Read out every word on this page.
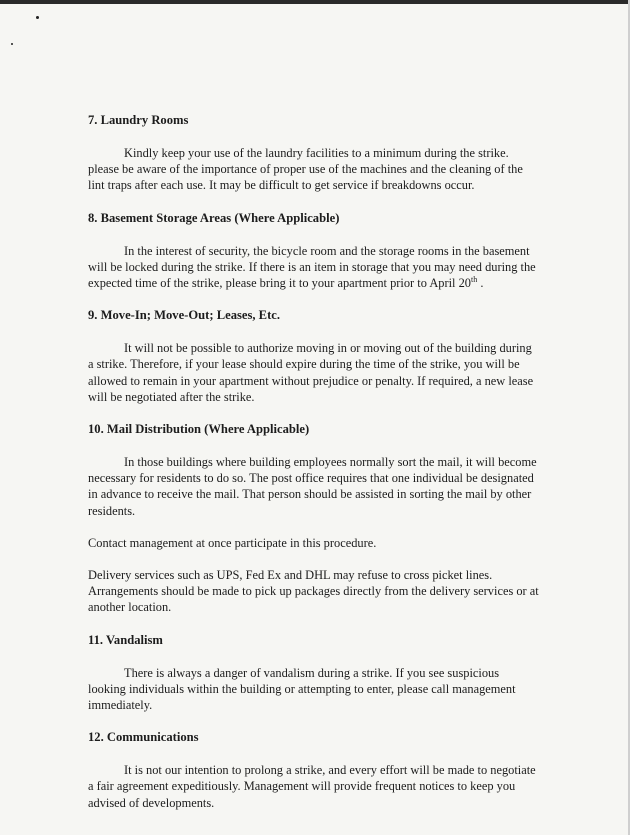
7. Laundry Rooms

Kindly keep your use of the laundry facilities to a minimum during the strike. please be aware of the importance of proper use of the machines and the cleaning of the lint traps after each use. It may be difficult to get service if breakdowns occur.

8. Basement Storage Areas (Where Applicable)

In the interest of security, the bicycle room and the storage rooms in the basement will be locked during the strike. If there is an item in storage that you may need during the expected time of the strike, please bring it to your apartment prior to April 20th .

9. Move-In; Move-Out; Leases, Etc.

It will not be possible to authorize moving in or moving out of the building during a strike. Therefore, if your lease should expire during the time of the strike, you will be allowed to remain in your apartment without prejudice or penalty. If required, a new lease will be negotiated after the strike.

10. Mail Distribution (Where Applicable)

In those buildings where building employees normally sort the mail, it will become necessary for residents to do so. The post office requires that one individual be designated in advance to receive the mail. That person should be assisted in sorting the mail by other residents.

Contact management at once participate in this procedure.

Delivery services such as UPS, Fed Ex and DHL may refuse to cross picket lines. Arrangements should be made to pick up packages directly from the delivery services or at another location.

11. Vandalism

There is always a danger of vandalism during a strike. If you see suspicious looking individuals within the building or attempting to enter, please call management immediately.

12. Communications

It is not our intention to prolong a strike, and every effort will be made to negotiate a fair agreement expeditiously. Management will provide frequent notices to keep you advised of developments.
